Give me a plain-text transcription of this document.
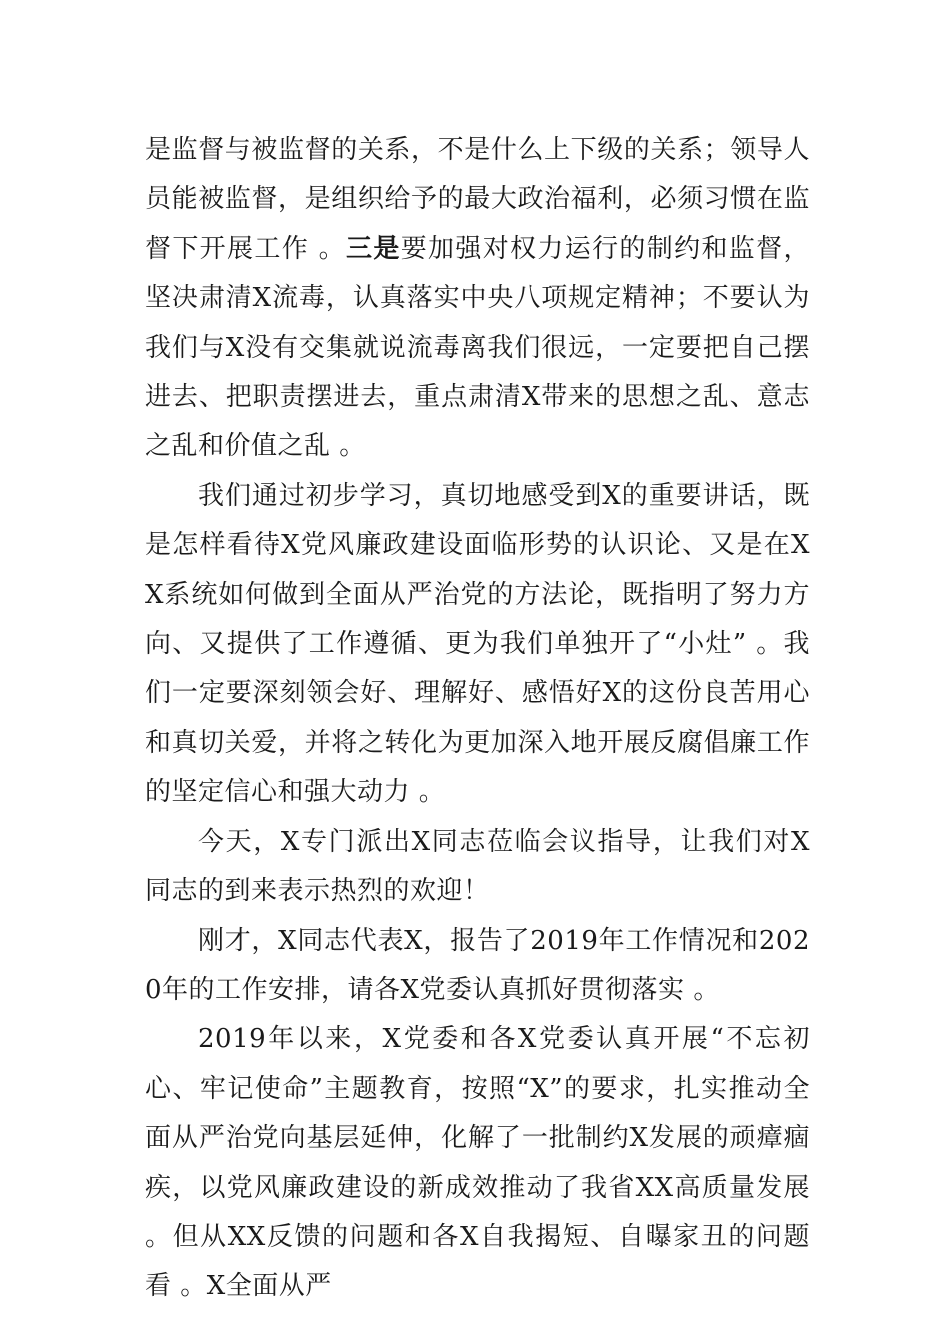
是监督与被监督的关系，不是什么上下级的关系；领导人员能被监督，是组织给予的最大政治福利，必须习惯在监督下开展工作 。三是要加强对权力运行的制约和监督，坚决肃清X流毒，认真落实中央八项规定精神；不要认为我们与X没有交集就说流毒离我们很远，一定要把自己摆进去、把职责摆进去，重点肃清X带来的思想之乱、意志之乱和价值之乱 。

我们通过初步学习，真切地感受到X的重要讲话，既是怎样看待X党风廉政建设面临形势的认识论、又是在XX系统如何做到全面从严治党的方法论，既指明了努力方向、又提供了工作遵循、更为我们单独开了“小灶” 。我们一定要深刻领会好、理解好、感悟好X的这份良苦用心和真切关爱，并将之转化为更加深入地开展反腐倡廉工作的坚定信心和强大动力 。

今天，X专门派出X同志莅临会议指导，让我们对X同志的到来表示热烈的欢迎！

刚才，X同志代表X，报告了2019年工作情况和2020年的工作安排，请各X党委认真抓好贯彻落实 。

2019年以来，X党委和各X党委认真开展“不忘初心、牢记使命”主题教育，按照“X”的要求，扎实推动全面从严治党向基层延伸，化解了一批制约X发展的顽瘴痼疾，以党风廉政建设的新成效推动了我省XX高质量发展 。但从XX反馈的问题和各X自我揭短、自曝家丑的问题看 。X全面从严
